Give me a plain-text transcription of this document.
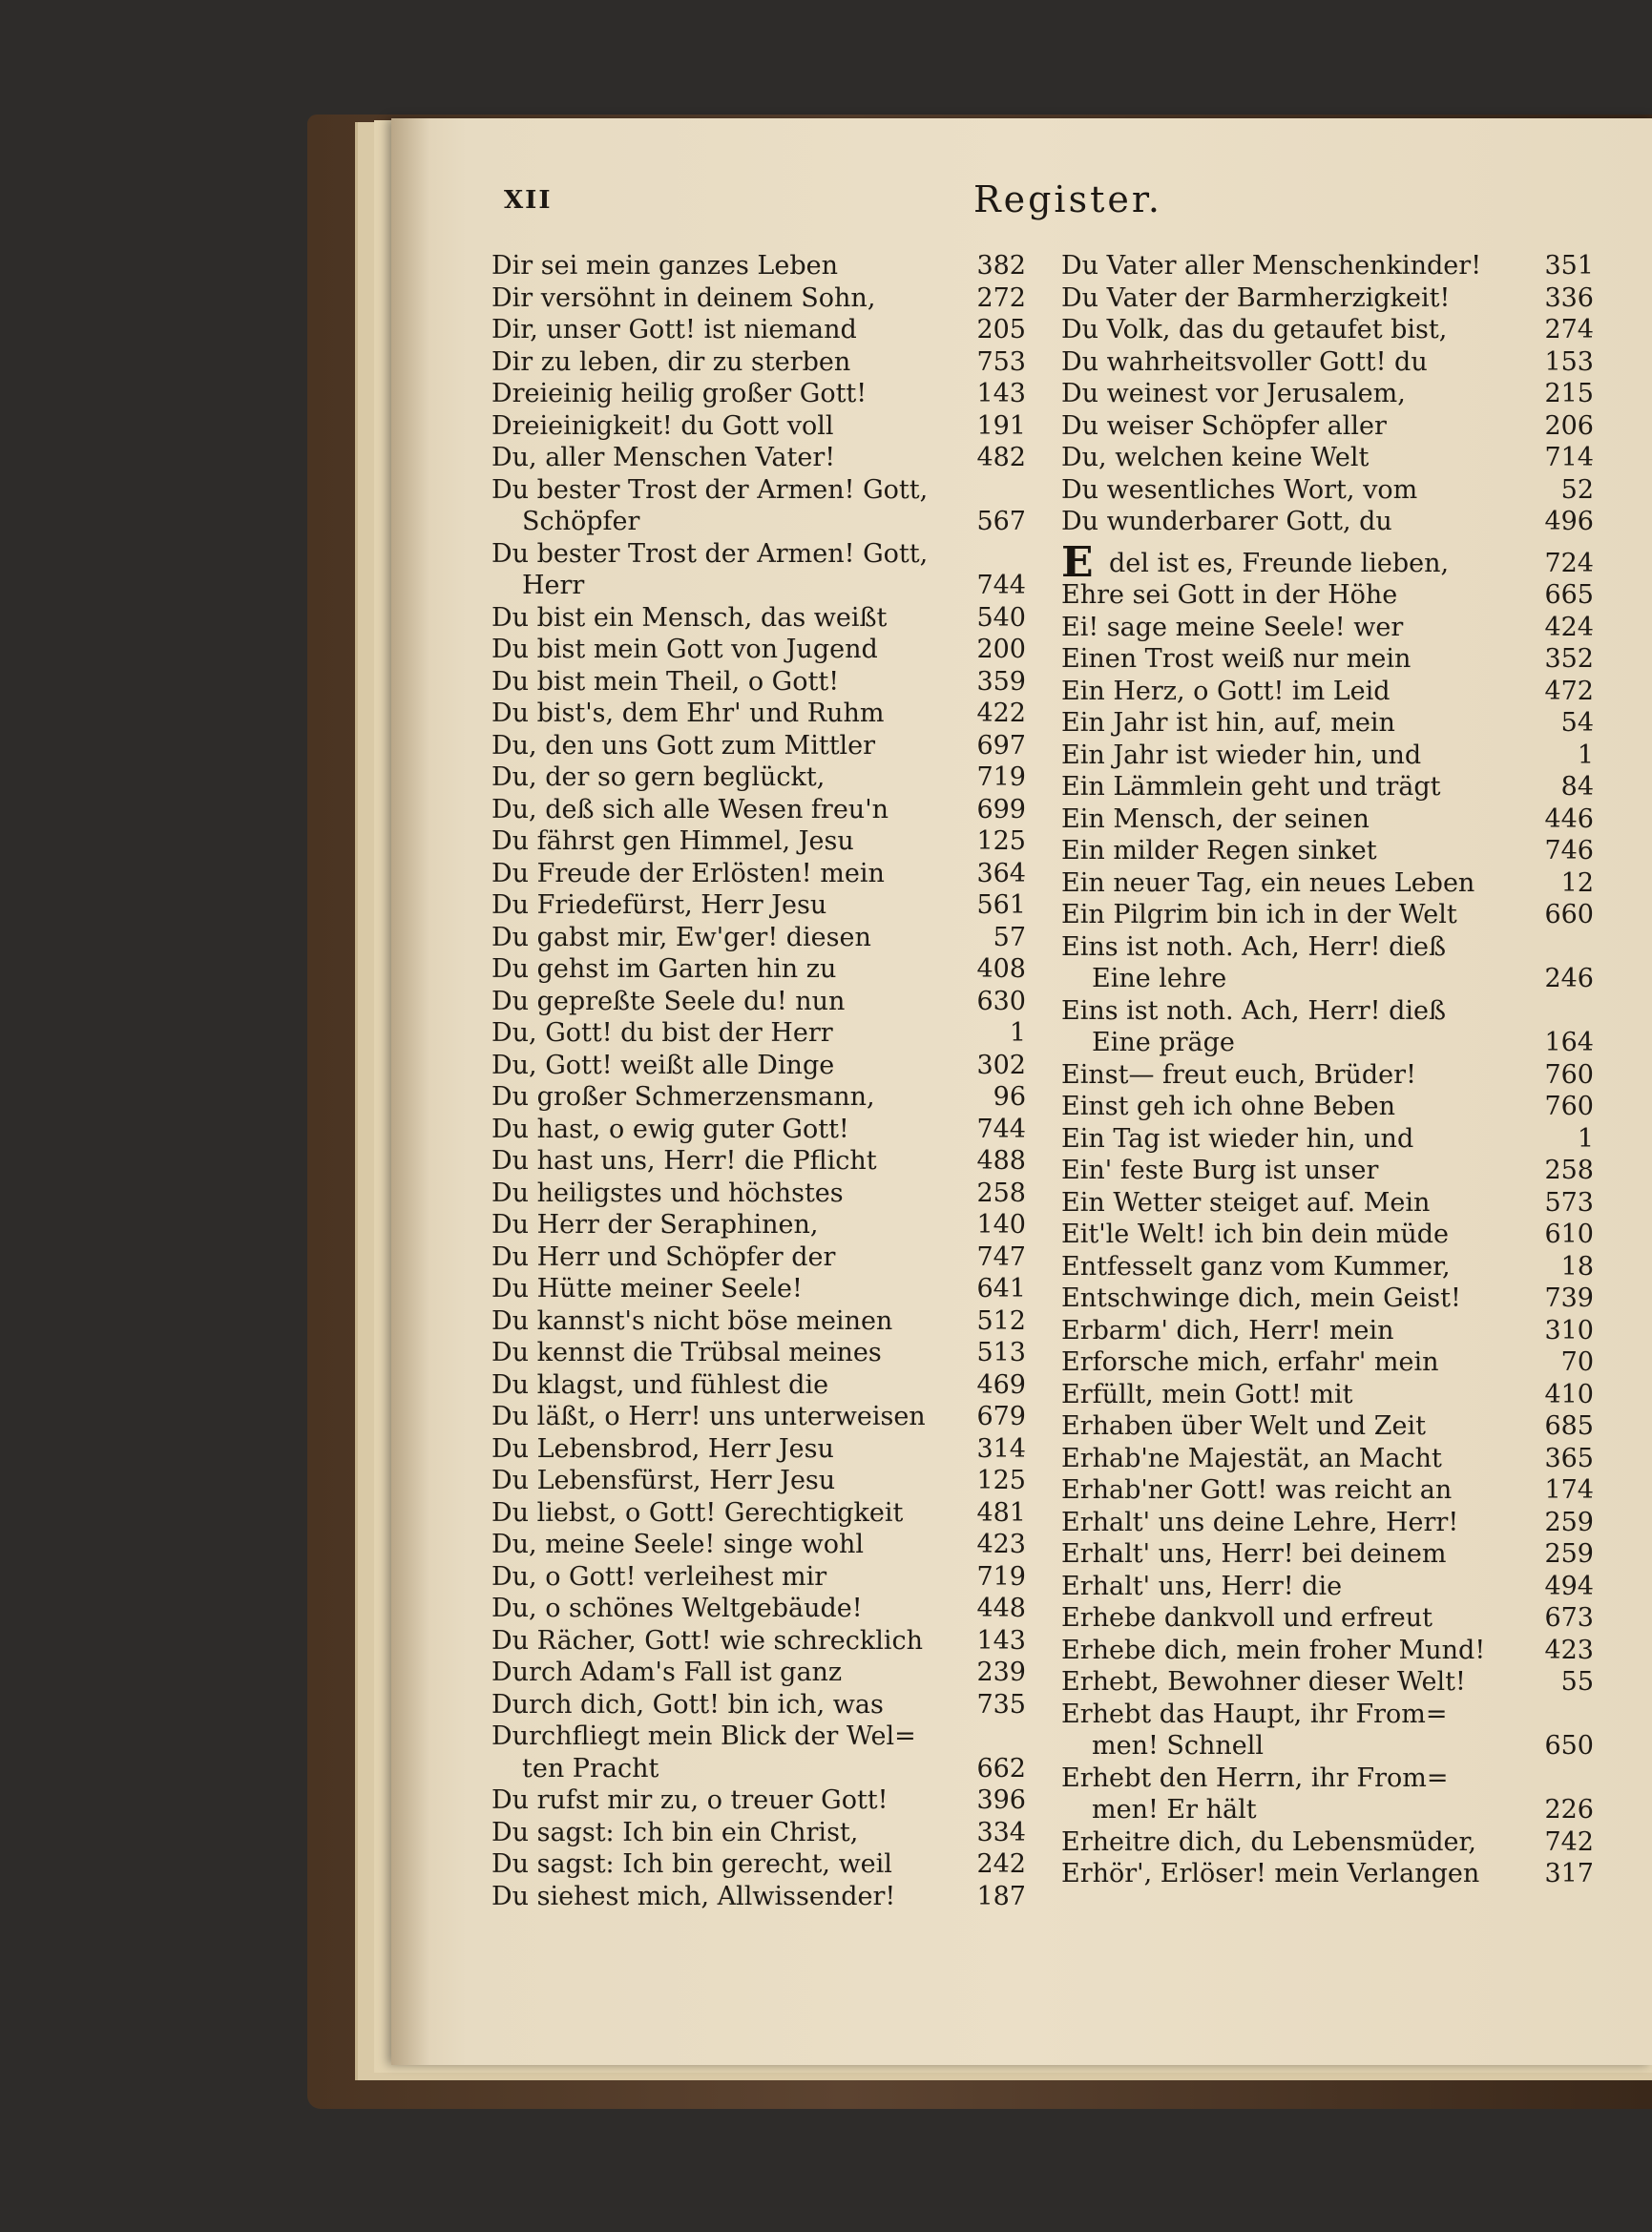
XII	Register.
Dir sei mein ganzes Leben	382
Dir versöhnt in deinem Sohn,	272
Dir, unser Gott! ist niemand	205
Dir zu leben, dir zu sterben	753
Dreieinig heilig großer Gott!	143
Dreieinigkeit! du Gott voll	191
Du, aller Menschen Vater!	482
Du bester Trost der Armen! Gott,
Schöpfer	567
Du bester Trost der Armen! Gott,
Herr	744
Du bist ein Mensch, das weißt	540
Du bist mein Gott von Jugend	200
Du bist mein Theil, o Gott!	359
Du bist's, dem Ehr' und Ruhm	422
Du, den uns Gott zum Mittler	697
Du, der so gern beglückt,	719
Du, deß sich alle Wesen freu'n	699
Du fährst gen Himmel, Jesu	125
Du Freude der Erlösten! mein	364
Du Friedefürst, Herr Jesu	561
Du gabst mir, Ew'ger! diesen	57
Du gehst im Garten hin zu	408
Du gepreßte Seele du! nun	630
Du, Gott! du bist der Herr	1
Du, Gott! weißt alle Dinge	302
Du großer Schmerzensmann,	96
Du hast, o ewig guter Gott!	744
Du hast uns, Herr! die Pflicht	488
Du heiligstes und höchstes	258
Du Herr der Seraphinen,	140
Du Herr und Schöpfer der	747
Du Hütte meiner Seele!	641
Du kannst's nicht böse meinen	512
Du kennst die Trübsal meines	513
Du klagst, und fühlest die	469
Du läßt, o Herr! uns unterweisen 679
Du Lebensbrod, Herr Jesu	314
Du Lebensfürst, Herr Jesu	125
Du liebst, o Gott! Gerechtigkeit	481
Du, meine Seele! singe wohl	423
Du, o Gott! verleihest mir	719
Du, o schönes Weltgebäude!	448
Du Rächer, Gott! wie schrecklich 143
Durch Adam's Fall ist ganz	239
Durch dich, Gott! bin ich, was	735
Durchfliegt mein Blick der Wel=
ten Pracht	662
Du rufst mir zu, o treuer Gott!	396
Du sagst: Ich bin ein Christ,	334
Du sagst: Ich bin gerecht, weil	242
Du siehest mich, Allwissender!	187
Du Vater aller Menschenkinder! 351
Du Vater der Barmherzigkeit!	336
Du Volk, das du getaufet bist,	274
Du wahrheitsvoller Gott! du	153
Du weinest vor Jerusalem,	215
Du weiser Schöpfer aller	206
Du, welchen keine Welt	714
Du wesentliches Wort, vom	52
Du wunderbarer Gott, du	496
E del ist es, Freunde lieben,	724
Ehre sei Gott in der Höhe	665
Ei! sage meine Seele! wer	424
Einen Trost weiß nur mein	352
Ein Herz, o Gott! im Leid	472
Ein Jahr ist hin, auf, mein	54
Ein Jahr ist wieder hin, und	1
Ein Lämmlein geht und trägt	84
Ein Mensch, der seinen	446
Ein milder Regen sinket	746
Ein neuer Tag, ein neues Leben	12
Ein Pilgrim bin ich in der Welt	660
Eins ist noth. Ach, Herr! dieß
Eine lehre	246
Eins ist noth. Ach, Herr! dieß
Eine präge	164
Einst— freut euch, Brüder!	760
Einst geh ich ohne Beben	760
Ein Tag ist wieder hin, und	1
Ein' feste Burg ist unser	258
Ein Wetter steiget auf. Mein	573
Eit'le Welt! ich bin dein müde	610
Entfesselt ganz vom Kummer,	18
Entschwinge dich, mein Geist!	739
Erbarm' dich, Herr! mein	310
Erforsche mich, erfahr' mein	70
Erfüllt, mein Gott! mit	410
Erhaben über Welt und Zeit	685
Erhab'ne Majestät, an Macht	365
Erhab'ner Gott! was reicht an	174
Erhalt' uns deine Lehre, Herr!	259
Erhalt' uns, Herr! bei deinem	259
Erhalt' uns, Herr! die	494
Erhebe dankvoll und erfreut	673
Erhebe dich, mein froher Mund! 423
Erhebt, Bewohner dieser Welt!	55
Erhebt das Haupt, ihr From=
men! Schnell	650
Erhebt den Herrn, ihr From=
men! Er hält	226
Erheitre dich, du Lebensmüder,	742
Erhör', Erlöser! mein Verlangen	317
